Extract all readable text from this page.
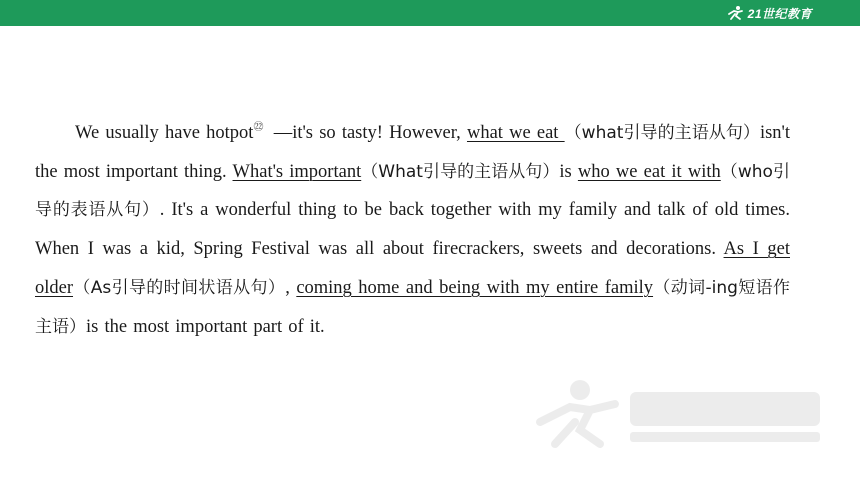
21世纪教育

We usually have hotpot$^㉒$ —it's so tasty! However, what we eat （what引导的主语从句）isn't the most important thing. What's important（What引导的主语从句）is who we eat it with（who引导的表语从句）. It's a wonderful thing to be back together with my family and talk of old times. When I was a kid, Spring Festival was all about firecrackers, sweets and decorations. As I get older（As引导的时间状语从句）, coming home and being with my entire family（动词-ing短语作主语）is the most important part of it.
